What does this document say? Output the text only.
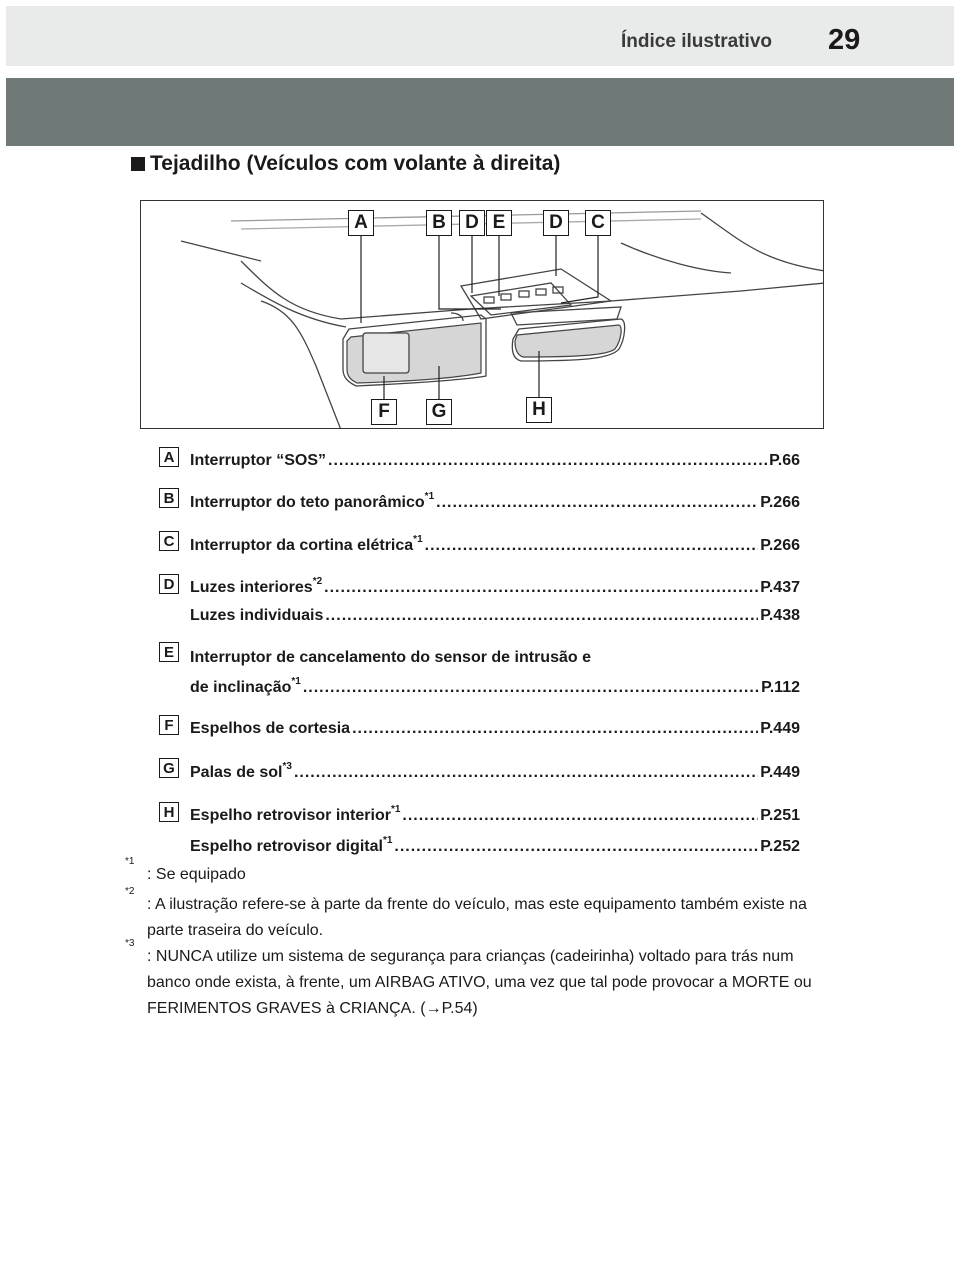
Índice ilustrativo 29
Tejadilho (Veículos com volante à direita)
A	B	D E	D	C
F	G	H
A Interruptor “SOS” .....	P.66
B Interruptor do teto panorâmico$^{*1}$ .....	P.266
C Interruptor da cortina elétrica$^{*1}$ .....	P.266
D Luzes interiores$^{*2}$ .....	P.437
Luzes individuais .....	P.438
E	Interruptor de cancelamento do sensor de intrusão e
de inclinação$^{*1}$ .....	P.112
F	Espelhos de cortesia .....	P.449
G Palas de sol$^{*3}$ .....	P.449
H Espelho retrovisor interior$^{*1}$ .....	P.251
Espelho retrovisor digital$^{*1}$ .....	P.252
*1
: Se equipado
*2
: A ilustração refere-se à parte da frente do veículo, mas este equipamento também existe na parte traseira do veículo.
*3
: NUNCA utilize um sistema de segurança para crianças (cadeirinha) voltado para trás num banco onde exista, à frente, um AIRBAG ATIVO, uma vez que tal pode provocar a MORTE ou FERIMENTOS GRAVES à CRIANÇA. (→P.54)
